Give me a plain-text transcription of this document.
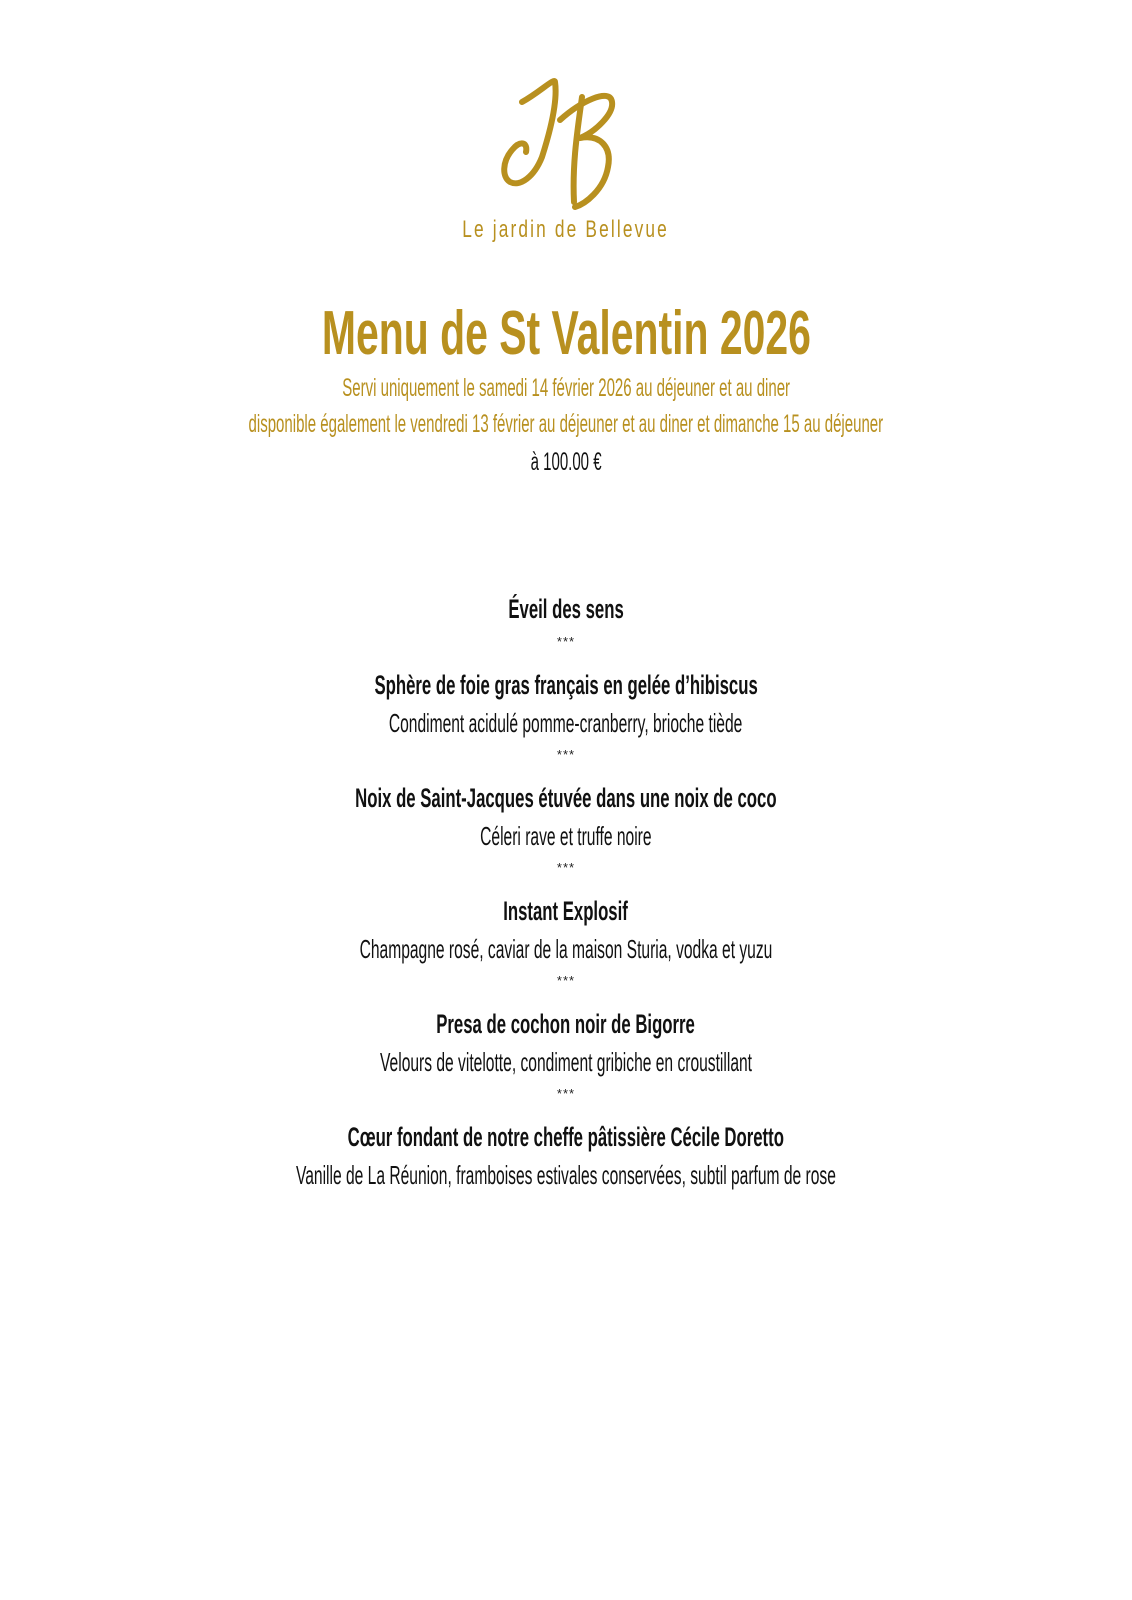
Le jardin de Bellevue
Menu de St Valentin 2026
Servi uniquement le samedi 14 février 2026 au déjeuner et au diner
disponible également le vendredi 13 février au déjeuner et au diner et dimanche 15 au déjeuner
à 100.00 €
Éveil des sens
***
Sphère de foie gras français en gelée d’hibiscus
Condiment acidulé pomme-cranberry, brioche tiède
***
Noix de Saint-Jacques étuvée dans une noix de coco
Céleri rave et truffe noire
***
Instant Explosif
Champagne rosé, caviar de la maison Sturia, vodka et yuzu
***
Presa de cochon noir de Bigorre
Velours de vitelotte, condiment gribiche en croustillant
***
Cœur fondant de notre cheffe pâtissière Cécile Doretto
Vanille de La Réunion, framboises estivales conservées, subtil parfum de rose
